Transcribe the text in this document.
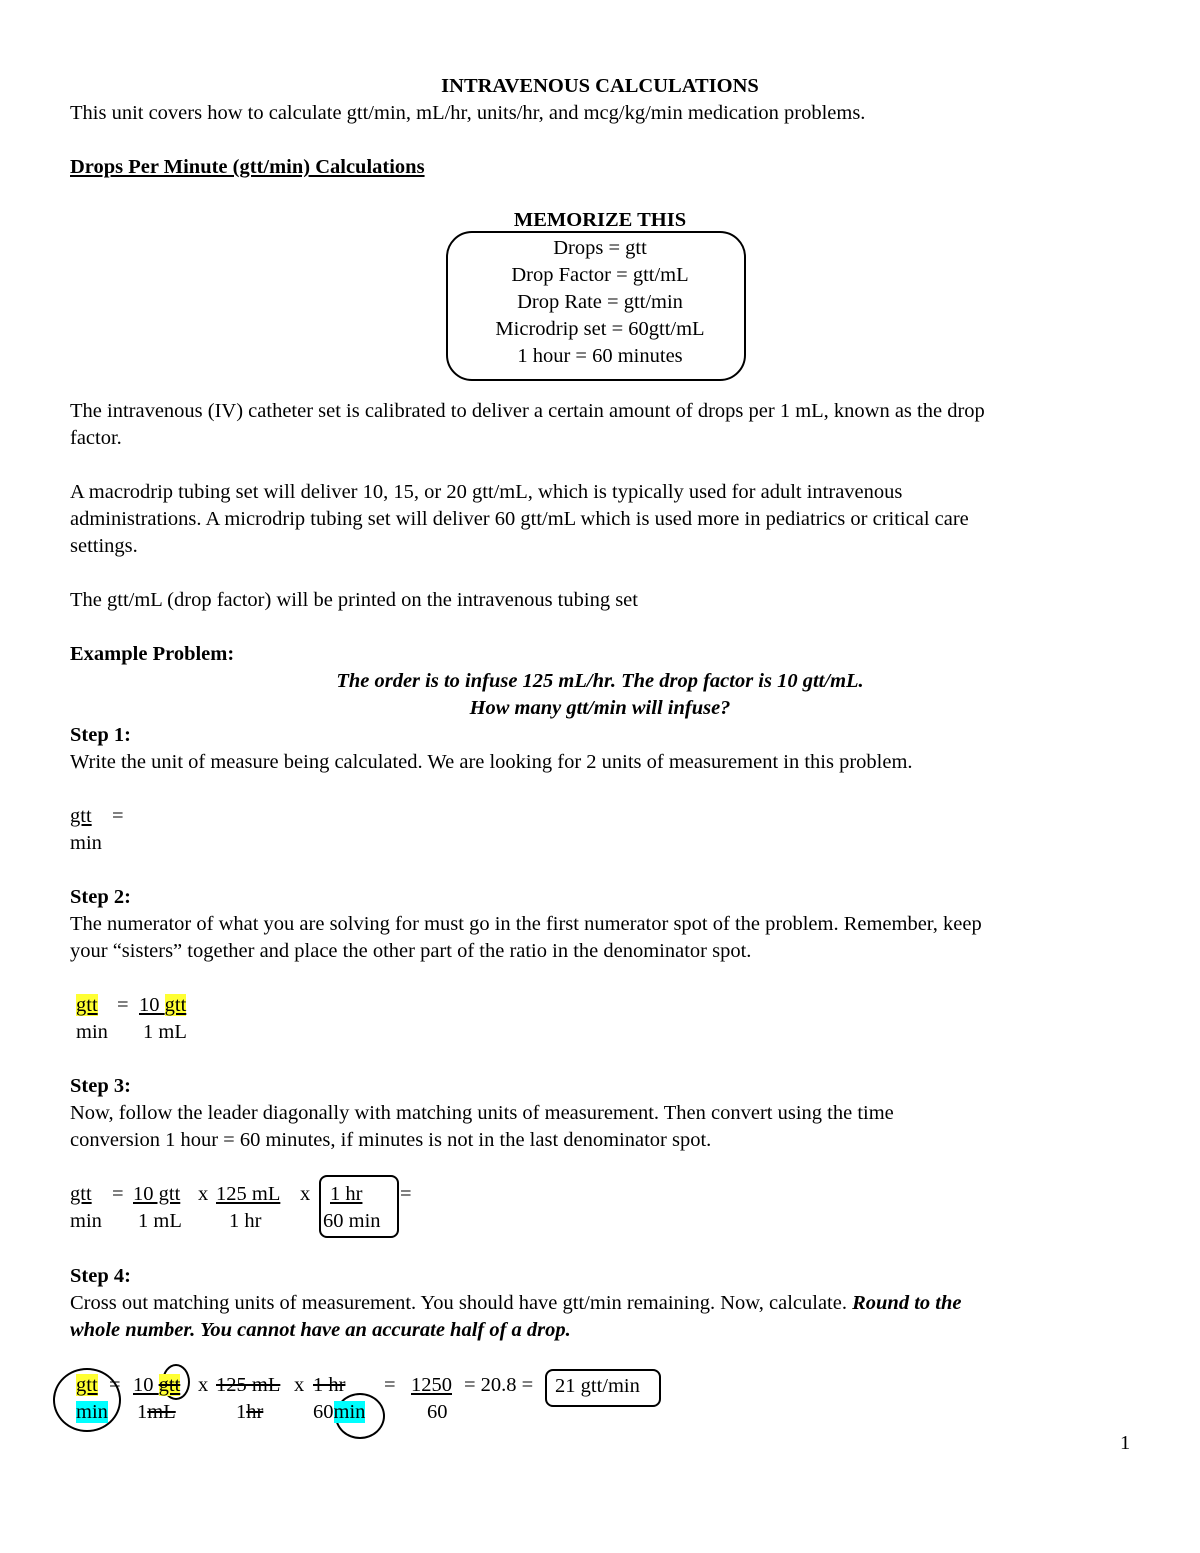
INTRAVENOUS CALCULATIONS
This unit covers how to calculate gtt/min, mL/hr, units/hr, and mcg/kg/min medication problems.
Drops Per Minute (gtt/min) Calculations
MEMORIZE THIS
Drops = gtt
Drop Factor = gtt/mL
Drop Rate = gtt/min
Microdrip set = 60gtt/mL
1 hour = 60 minutes
The intravenous (IV) catheter set is calibrated to deliver a certain amount of drops per 1 mL, known as the drop
factor.
A macrodrip tubing set will deliver 10, 15, or 20 gtt/mL, which is typically used for adult intravenous
administrations. A microdrip tubing set will deliver 60 gtt/mL which is used more in pediatrics or critical care
settings.
The gtt/mL (drop factor) will be printed on the intravenous tubing set
Example Problem:
The order is to infuse 125 mL/hr. The drop factor is 10 gtt/mL.
How many gtt/min will infuse?
Step 1:
Write the unit of measure being calculated. We are looking for 2 units of measurement in this problem.
gtt =
min
Step 2:
The numerator of what you are solving for must go in the first numerator spot of the problem. Remember, keep
your “sisters” together and place the other part of the ratio in the denominator spot.
gtt = 10 gtt
min 1 mL
Step 3:
Now, follow the leader diagonally with matching units of measurement. Then convert using the time
conversion 1 hour = 60 minutes, if minutes is not in the last denominator spot.
gtt = 10 gtt x 125 mL x 1 hr	=
min 1 mL 1 hr	60 min
Step 4:
Cross out matching units of measurement. You should have gtt/min remaining. Now, calculate. Round to the
whole number. You cannot have an accurate half of a drop.
gtt = 10 gtt x 125 mL x 1 hr	= 1250 = 20.8 = 21 gtt/min
min 1mL	1hr 60min	60
1
